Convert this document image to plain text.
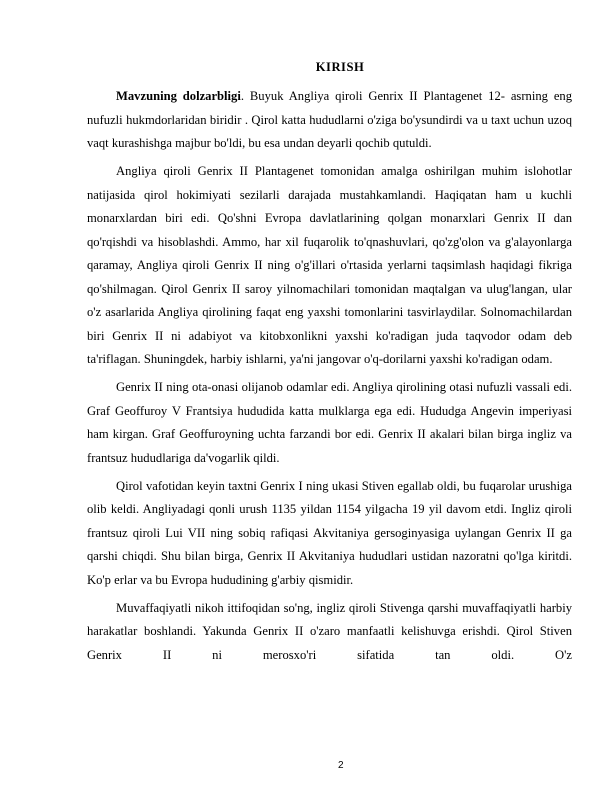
KIRISH

Mavzuning dolzarbligi. Buyuk Angliya qiroli Genrix II Plantagenet 12- asrning eng nufuzli hukmdorlaridan biridir . Qirol katta hududlarni o'ziga bo'ysundirdi va u taxt uchun uzoq vaqt kurashishga majbur bo'ldi, bu esa undan deyarli qochib qutuldi.

Angliya qiroli Genrix II Plantagenet tomonidan amalga oshirilgan muhim islohotlar natijasida qirol hokimiyati sezilarli darajada mustahkamlandi. Haqiqatan ham u kuchli monarxlardan biri edi. Qo'shni Evropa davlatlarining qolgan monarxlari Genrix II dan qo'rqishdi va hisoblashdi. Ammo, har xil fuqarolik to'qnashuvlari, qo'zg'olon va g'alayonlarga qaramay, Angliya qiroli Genrix II ning o'g'illari o'rtasida yerlarni taqsimlash haqidagi fikriga qo'shilmagan. Qirol Genrix II saroy yilnomachilari tomonidan maqtalgan va ulug'langan, ular o'z asarlarida Angliya qirolining faqat eng yaxshi tomonlarini tasvirlaydilar. Solnomachilardan biri Genrix II ni adabiyot va kitobxonlikni yaxshi ko'radigan juda taqvodor odam deb ta'riflagan. Shuningdek, harbiy ishlarni, ya'ni jangovar o'q-dorilarni yaxshi ko'radigan odam.

Genrix II ning ota-onasi olijanob odamlar edi. Angliya qirolining otasi nufuzli vassali edi. Graf Geoffuroy V Frantsiya hududida katta mulklarga ega edi. Hududga Angevin imperiyasi ham kirgan. Graf Geoffuroyning uchta farzandi bor edi. Genrix II akalari bilan birga ingliz va frantsuz hududlariga da'vogarlik qildi.

Qirol vafotidan keyin taxtni Genrix I ning ukasi Stiven egallab oldi, bu fuqarolar urushiga olib keldi. Angliyadagi qonli urush 1135 yildan 1154 yilgacha 19 yil davom etdi. Ingliz qiroli frantsuz qiroli Lui VII ning sobiq rafiqasi Akvitaniya gersoginyasiga uylangan Genrix II ga qarshi chiqdi. Shu bilan birga, Genrix II Akvitaniya hududlari ustidan nazoratni qo'lga kiritdi. Ko'p erlar va bu Evropa hududining g'arbiy qismidir.

Muvaffaqiyatli nikoh ittifoqidan so'ng, ingliz qiroli Stivenga qarshi muvaffaqiyatli harbiy harakatlar boshlandi. Yakunda Genrix II o'zaro manfaatli kelishuvga erishdi. Qirol Stiven Genrix II ni merosxo'ri sifatida tan oldi. O'z

2
